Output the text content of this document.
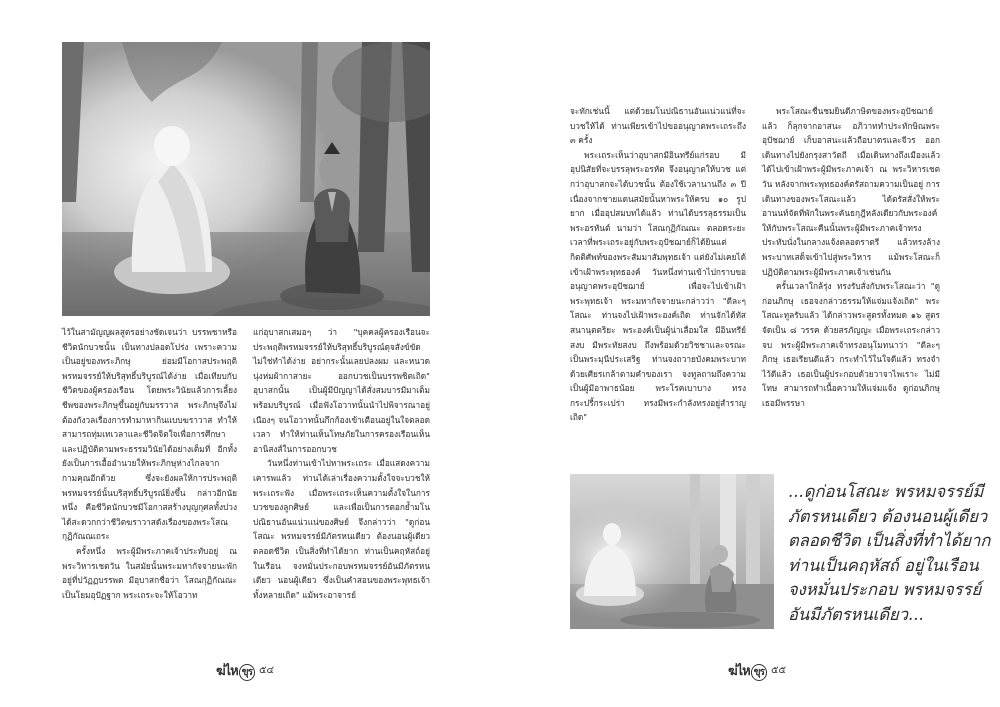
ไว้ในสามัญญผลสูตรอย่างชัดเจนว่า บรรพชาหรือชีวิตนักบวชนั้น เป็นทางปลอดโปร่ง เพราะความเป็นอยู่ของพระภิกษุ ย่อมมีโอกาสประพฤติพรหมจรรย์ให้บริสุทธิ์บริบูรณ์ได้ง่าย เมื่อเทียบกับชีวิตของผู้ครองเรือน โดยพระวินัยแล้วการเลี้ยงชีพของพระภิกษุขึ้นอยู่กับมรรวาส พระภิกษุจึงไม่ต้องกังวลเรื่องการทำมาหากินแบบฆราวาส ทำให้สามารถทุ่มเทเวลาและชีวิตจิตใจเพื่อการศึกษา และปฏิบัติตามพระธรรมวินัยได้อย่างเต็มที่ อีกทั้งยังเป็นการเอื้ออำนวยให้พระภิกษุห่างไกลจากกามคุณอีกด้วย ซึ่งจะยังผลให้การประพฤติพรหมจรรย์นั้นบริสุทธิ์บริบูรณ์ยิ่งขึ้น กล่าวอีกนัยหนึ่ง คือชีวิตนักบวชมีโอกาสสร้างบุญกุศลทั้งปวงได้สะดวกกว่าชีวิตฆราวาสดังเรื่องของพระโสณกุฏิกัณณเถระ

ครั้งหนึ่ง พระผู้มีพระภาคเจ้าประทับอยู่ ณ พระวิหารเชตวัน ในสมัยนั้นพระมหากัจจายนะพักอยู่ที่ปวัฏฏบรรพต มีอุบาสกชื่อว่า โสณกุฏิกัณณะ เป็นโยมอุปัฏฐาก พระเถระจะให้โอวาท

แก่อุบาสกเสมอๆ ว่า "บุคคลผู้ครองเรือนจะประพฤติพรหมจรรย์ให้บริสุทธิ์บริบูรณ์ดุจสังข์ขัดไม่ใช่ทำได้ง่าย อย่ากระนั้นเลยปลงผม และหนวดนุ่งห่มผ้ากาสายะ ออกบวชเป็นบรรพชิตเถิด" อุบาสกนั้น เป็นผู้มีปัญญาได้สั่งสมบารมีมาเต็มพร้อมบริบูรณ์ เมื่อฟังโอวาทนั้นนำไปพิจารณาอยู่เนืองๆ จนโอวาทนั้นกึกก้องเข้าเตือนอยู่ในใจตลอดเวลา ทำให้ท่านเห็นโทษภัยในการครองเรือนเห็นอานิสงส์ในการออกบวช

วันหนึ่งท่านเข้าไปหาพระเถระ เมื่อแสดงความเคารพแล้ว ท่านได้เล่าเรื่องความตั้งใจจะบวชให้พระเถระฟัง เมื่อพระเถระเห็นความตั้งใจในการบวชของลูกศิษย์ และเพื่อเป็นการตอกย้ำมโนปณิธานอันแน่วแน่ของศิษย์ จึงกล่าวว่า "ดูก่อนโสณะ พรหมจรรย์มีภัตรหนเดียว ต้องนอนผู้เดียวตลอดชีวิต เป็นสิ่งที่ทำได้ยาก ท่านเป็นคฤหัสถ์อยู่ในเรือน จงหมั่นประกอบพรหมจรรย์อันมีภัตรหนเดียว นอนผู้เดียว ซึ่งเป็นคำสอนของพระพุทธเจ้าทั้งหลายเถิด" แม้พระอาจารย์

ฆ่ไห ขุร ๕๔

จะทักเช่นนี้ แต่ด้วยมโนปณิธานอันแน่วแน่ที่จะบวชให้ได้ ท่านเพียรเข้าไปขออนุญาตพระเถระถึง ๓ ครั้ง

พระเถระเห็นว่าอุบาสกมีอินทรีย์แก่รอบ มีอุปนิสัยที่จะบรรลุพระอรหัต จึงอนุญาตให้บวช แต่กว่าอุบาสกจะได้บวชนั้น ต้องใช้เวลานานถึง ๓ ปี เนื่องจากชายแดนสมัยนั้นหาพระให้ครบ ๑๐ รูปยาก เมื่ออุปสมบทได้แล้ว ท่านได้บรรลุธรรมเป็นพระอรหันต์ นามว่า โสณกุฏิกัณณะ ตลอดระยะเวลาที่พระเถระอยู่กับพระอุปัชฌาย์ก็ได้ยินแต่กิตติศัพท์ของพระสัมมาสัมพุทธเจ้า แต่ยังไม่เคยได้เข้าเฝ้าพระพุทธองค์ วันหนึ่งท่านเข้าไปกราบขออนุญาตพระอุปัชฌาย์ เพื่อจะไปเข้าเฝ้าพระพุทธเจ้า พระมหากัจจายนะกล่าวว่า "ดีละๆ โสณะ ท่านจงไปเฝ้าพระองค์เถิด ท่านจักได้ทัสสนานุตตริยะ พระองค์เป็นผู้น่าเลื่อมใส มีอินทรีย์สงบ มีพระทัยสงบ ถึงพร้อมด้วยวิชชาและจรณะ เป็นพระมุนีประเสริฐ ท่านจงถวายบังคมพระบาทด้วยเศียรเกล้าตามคำของเรา จงทูลถามถึงความเป็นผู้มีอาพาธน้อย พระโรคเบาบาง ทรงกระปรี้กระเปร่า ทรงมีพระกำลังทรงอยู่สำราญเถิด"

พระโสณะชื่นชมยินดีภาษิตของพระอุปัชฌาย์แล้ว ก็ลุกจากอาสนะ อภิวาททำประทักษิณพระอุปัชฌาย์ เก็บอาสนะแล้วถือบาตรและจีวร ออกเดินทางไปยังกรุงสาวัตถี เมื่อเดินทางถึงเมืองแล้ว ได้ไปเข้าเฝ้าพระผู้มีพระภาคเจ้า ณ พระวิหารเชตวัน หลังจากพระพุทธองค์ตรัสถามความเป็นอยู่ การเดินทางของพระโสณะแล้ว ได้ตรัสสั่งให้พระอานนท์จัดที่พักในพระคันธกุฎีหลังเดียวกับพระองค์ให้กับพระโสณะคืนนั้นพระผู้มีพระภาคเจ้าทรงประทับนั่งในกลางแจ้งตลอดราตรี แล้วทรงล้างพระบาทเสด็จเข้าไปสู่พระวิหาร แม้พระโสณะก็ปฏิบัติตามพระผู้มีพระภาคเจ้าเช่นกัน

ครั้นเวลาใกล้รุ่ง ทรงรับสั่งกับพระโสณะว่า "ดูก่อนภิกษุ เธอจงกล่าวธรรมให้แจ่มแจ้งเถิด" พระโสณะทูลรับแล้ว ได้กล่าวพระสูตรทั้งหมด ๑๖ สูตร จัดเป็น ๘ วรรค ด้วยสรภัญญะ เมื่อพระเถระกล่าวจบ พระผู้มีพระภาคเจ้าทรงอนุโมทนาว่า "ดีละๆ ภิกษุ เธอเรียนดีแล้ว กระทำไว้ในใจดีแล้ว ทรงจำไว้ดีแล้ว เธอเป็นผู้ประกอบด้วยวาจาไพเราะ ไม่มีโทษ สามารถทำเนื้อความให้แจ่มแจ้ง ดูก่อนภิกษุ เธอมีพรรษา

...ดูก่อนโสณะ พรหมจรรย์มีภัตรหนเดียว ต้องนอนผู้เดียวตลอดชีวิต เป็นสิ่งที่ทำได้ยาก ท่านเป็นคฤหัสถ์ อยู่ในเรือน จงหมั่นประกอบ พรหมจรรย์ อันมีภัตรหนเดียว...
ฆ่ไห ขุร ๕๕
